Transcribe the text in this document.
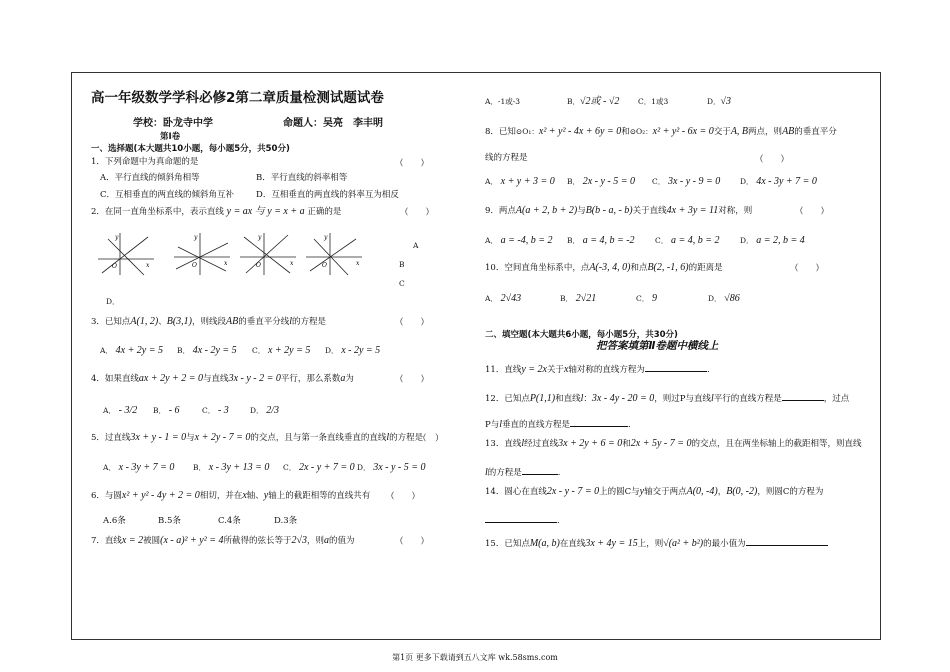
高一年级数学学科必修2第二章质量检测试题试卷
学校：卧龙寺中学	命题人：吴亮　李丰明
第Ⅰ卷
一、选择题(本大题共10小题，每小题5分，共50分)
1．下列命题中为真命题的是	（　　）
A．平行直线的倾斜角相等	B．平行直线的斜率相等
C．互相垂直的两直线的倾斜角互补	D．互相垂直的两直线的斜率互为相反
2．在同一直角坐标系中，表示直线 y = ax 与 y = x + a 正确的是	（　　）
O	x
y
O	x
y
O	x
y
O	x
y
A
B
C
D．
3．已知点A(1, 2)、B(3,1)，则线段AB的垂直平分线l的方程是	（　　）
A． 4x + 2y = 5 B． 4x - 2y = 5 C． x + 2y = 5 D． x - 2y = 5
4．如果直线ax + 2y + 2 = 0与直线3x - y - 2 = 0平行，那么系数a为	（　　）
A． - 3/2 B． - 6	C． - 3	D． 2/3
5．过直线3x + y - 1 = 0与x + 2y - 7 = 0的交点，且与第一条直线垂直的直线l的方程是
（　）
A． x - 3y + 7 = 0 B． x - 3y + 13 = 0 C． 2x - y + 7 = 0 D． 3x - y - 5 = 0
6．与圆x² + y² - 4y + 2 = 0相切，并在x轴、y轴上的截距相等的直线共有 （　　）
A.6条	B.5条	C.4条	D.3条
7．直线x = 2被圆(x - a)² + y² = 4所截得的弦长等于2√3，则a的值为	（　　）
A．-1或-3	B．√2或 - √2 C．1或3	D．√3
8．已知⊙O₁：x² + y² - 4x + 6y = 0和⊙O₂：x² + y² - 6x = 0交于A, B两点，则AB的垂直平分
线的方程是	（　　）
A． x + y + 3 = 0 B． 2x - y - 5 = 0 C． 3x - y - 9 = 0	D． 4x - 3y + 7 = 0
9．两点A(a + 2, b + 2)与B(b - a, - b)关于直线4x + 3y = 11对称，则	（　　）
A． a = -4, b = 2 B． a = 4, b = -2	C． a = 4, b = 2	D． a = 2, b = 4
10．空间直角坐标系中，点A(-3, 4, 0)和点B(2, -1, 6)的距离是	（　　）
A． 2√43	B． 2√21	C． 9	D． √86
二、填空题(本大题共6小题，每小题5分，共30分)
把答案填第Ⅱ卷题中横线上
11．直线y = 2x关于x轴对称的直线方程为	.
12．已知点P(1,1)和直线l：3x - 4y - 20 = 0，则过P与直线l平行的直线方程是	，过点
P与l垂直的直线方程是	.
13．直线l经过直线3x + 2y + 6 = 0和2x + 5y - 7 = 0的交点，且在两坐标轴上的截距相等，则直线
l的方程是	.
14．圆心在直线2x - y - 7 = 0上的圆C与y轴交于两点A(0, -4)，B(0, -2)，则圆C的方程为
.
15．已知点M(a, b)在直线3x + 4y = 15上，则√(a² + b²)的最小值为
第1页 更多下载请到五八文库 wk.58sms.com
